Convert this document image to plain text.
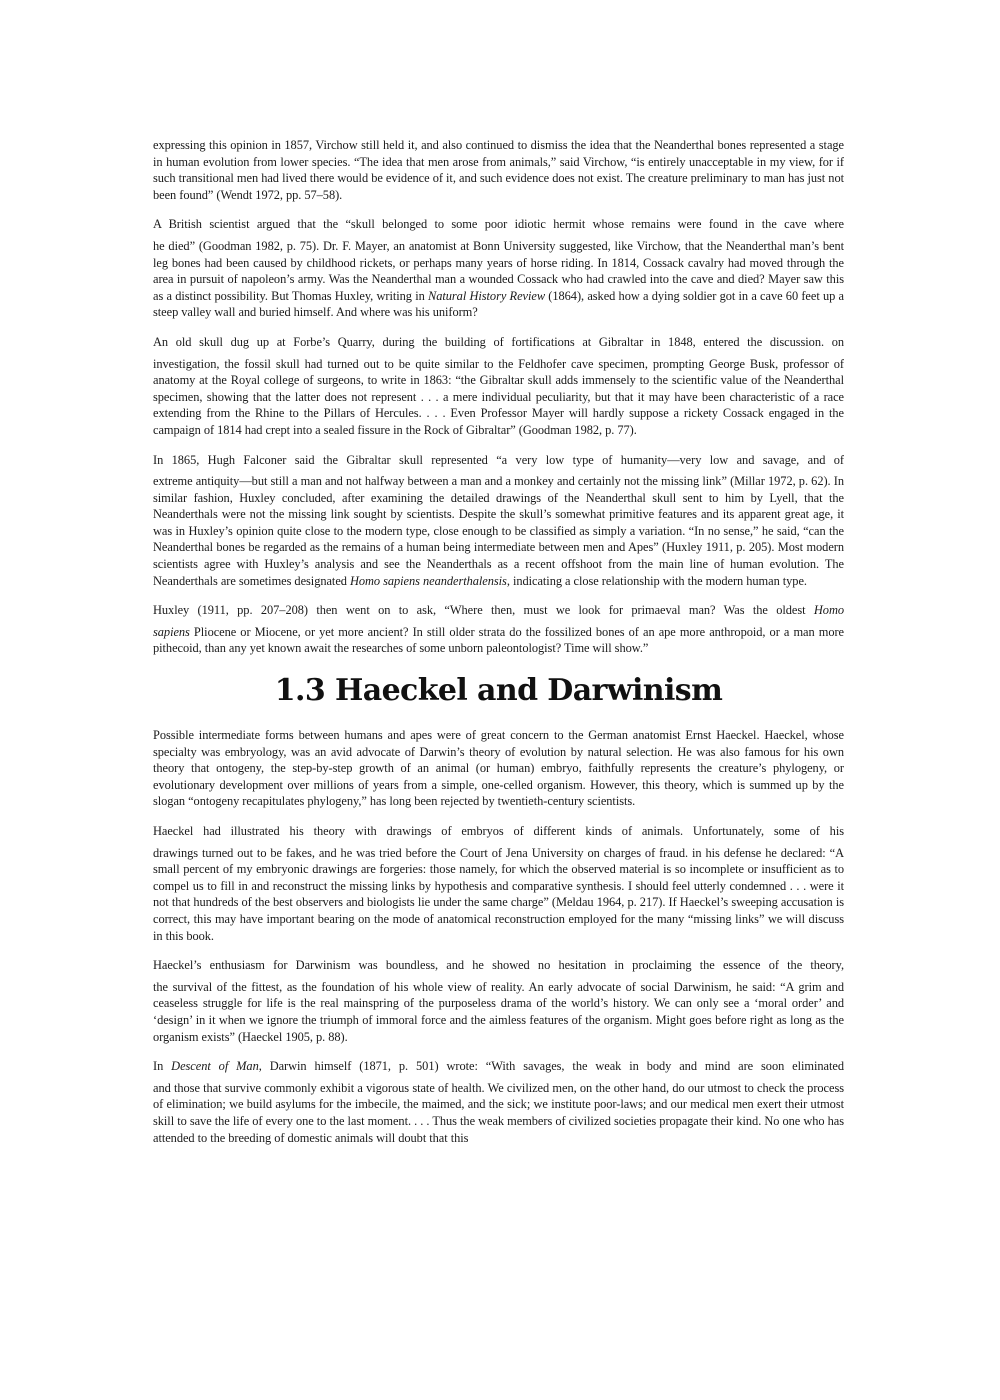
expressing this opinion in 1857, Virchow still held it, and also continued to dismiss the idea that the Neanderthal bones represented a stage in human evolution from lower species. “The idea that men arose from animals,” said Virchow, “is entirely unacceptable in my view, for if such transitional men had lived there would be evidence of it, and such evidence does not exist. The creature preliminary to man has just not been found” (Wendt 1972, pp. 57–58).

A British scientist argued that the “skull belonged to some poor idiotic hermit whose remains were found in the cave where
he died” (Goodman 1982, p. 75). Dr. F. Mayer, an anatomist at Bonn University suggested, like Virchow, that the Neanderthal man’s bent leg bones had been caused by childhood rickets, or perhaps many years of horse riding. In 1814, Cossack cavalry had moved through the area in pursuit of napoleon’s army. Was the Neanderthal man a wounded Cossack who had crawled into the cave and died? Mayer saw this as a distinct possibility. But Thomas Huxley, writing in Natural History Review (1864), asked how a dying soldier got in a cave 60 feet up a steep valley wall and buried himself. And where was his uniform?

An old skull dug up at Forbe’s Quarry, during the building of fortifications at Gibraltar in 1848, entered the discussion. on
investigation, the fossil skull had turned out to be quite similar to the Feldhofer cave specimen, prompting George Busk, professor of anatomy at the Royal college of surgeons, to write in 1863: “the Gibraltar skull adds immensely to the scientific value of the Neanderthal specimen, showing that the latter does not represent . . . a mere individual peculiarity, but that it may have been characteristic of a race extending from the Rhine to the Pillars of Hercules. . . . Even Professor Mayer will hardly suppose a rickety Cossack engaged in the campaign of 1814 had crept into a sealed fissure in the Rock of Gibraltar” (Goodman 1982, p. 77).

In 1865, Hugh Falconer said the Gibraltar skull represented “a very low type of humanity—very low and savage, and of
extreme antiquity—but still a man and not halfway between a man and a monkey and certainly not the missing link” (Millar 1972, p. 62). In similar fashion, Huxley concluded, after examining the detailed drawings of the Neanderthal skull sent to him by Lyell, that the Neanderthals were not the missing link sought by scientists. Despite the skull’s somewhat primitive features and its apparent great age, it was in Huxley’s opinion quite close to the modern type, close enough to be classified as simply a variation. “In no sense,” he said, “can the Neanderthal bones be regarded as the remains of a human being intermediate between men and Apes” (Huxley 1911, p. 205). Most modern scientists agree with Huxley’s analysis and see the Neanderthals as a recent offshoot from the main line of human evolution. The Neanderthals are sometimes designated Homo sapiens neanderthalensis, indicating a close relationship with the modern human type.

Huxley (1911, pp. 207–208) then went on to ask, “Where then, must we look for primaeval man? Was the oldest Homo
sapiens Pliocene or Miocene, or yet more ancient? In still older strata do the fossilized bones of an ape more anthropoid, or a man more pithecoid, than any yet known await the researches of some unborn paleontologist? Time will show.”

1.3 Haeckel and Darwinism

Possible intermediate forms between humans and apes were of great concern to the German anatomist Ernst Haeckel. Haeckel, whose specialty was embryology, was an avid advocate of Darwin’s theory of evolution by natural selection. He was also famous for his own theory that ontogeny, the step-by-step growth of an animal (or human) embryo, faithfully represents the creature’s phylogeny, or evolutionary development over millions of years from a simple, one-celled organism. However, this theory, which is summed up by the slogan “ontogeny recapitulates phylogeny,” has long been rejected by twentieth-century scientists.

Haeckel had illustrated his theory with drawings of embryos of different kinds of animals. Unfortunately, some of his
drawings turned out to be fakes, and he was tried before the Court of Jena University on charges of fraud. in his defense he declared: “A small percent of my embryonic drawings are forgeries: those namely, for which the observed material is so incomplete or insufficient as to compel us to fill in and reconstruct the missing links by hypothesis and comparative synthesis. I should feel utterly condemned . . . were it not that hundreds of the best observers and biologists lie under the same charge” (Meldau 1964, p. 217). If Haeckel’s sweeping accusation is correct, this may have important bearing on the mode of anatomical reconstruction employed for the many “missing links” we will discuss in this book.

Haeckel’s enthusiasm for Darwinism was boundless, and he showed no hesitation in proclaiming the essence of the theory,
the survival of the fittest, as the foundation of his whole view of reality. An early advocate of social Darwinism, he said: “A grim and ceaseless struggle for life is the real mainspring of the purposeless drama of the world’s history. We can only see a ‘moral order’ and ‘design’ in it when we ignore the triumph of immoral force and the aimless features of the organism. Might goes before right as long as the organism exists” (Haeckel 1905, p. 88).

In Descent of Man, Darwin himself (1871, p. 501) wrote: “With savages, the weak in body and mind are soon eliminated
and those that survive commonly exhibit a vigorous state of health. We civilized men, on the other hand, do our utmost to check the process of elimination; we build asylums for the imbecile, the maimed, and the sick; we institute poor-laws; and our medical men exert their utmost skill to save the life of every one to the last moment. . . . Thus the weak members of civilized societies propagate their kind. No one who has attended to the breeding of domestic animals will doubt that this
